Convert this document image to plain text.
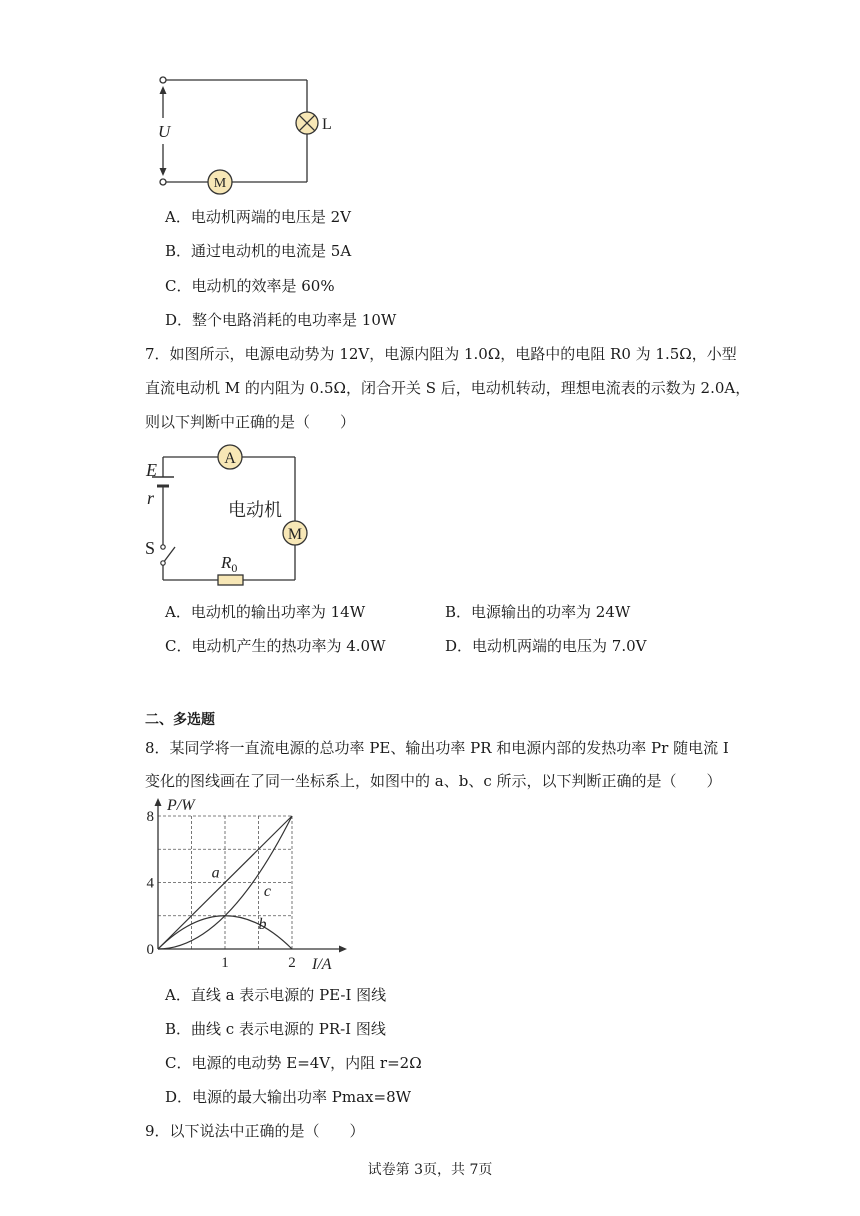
U	L
M
A．电动机两端的电压是 2V
B．通过电动机的电流是 5A
C．电动机的效率是 60%
D．整个电路消耗的电功率是 10W
7．如图所示，电源电动势为 12V，电源内阻为 1.0Ω，电路中的电阻 R0 为 1.5Ω，小型
直流电动机 M 的内阻为 0.5Ω，闭合开关 S 后，电动机转动，理想电流表的示数为 2.0A，
则以下判断中正确的是（　　）
E
r
S
A
电动机
M
$R_0$
A．电动机的输出功率为 14W	B．电源输出的功率为 24W
C．电动机产生的热功率为 4.0W	D．电动机两端的电压为 7.0V
二、多选题
8．某同学将一直流电源的总功率 PE、输出功率 PR 和电源内部的发热功率 Pr 随电流 I
变化的图线画在了同一坐标系上，如图中的 a、b、c 所示，以下判断正确的是（　　）
P/W
I/A
0
4
8
1	2
a
b
c
A．直线 a 表示电源的 PE-I 图线
B．曲线 c 表示电源的 PR-I 图线
C．电源的电动势 E=4V，内阻 r=2Ω
D．电源的最大输出功率 Pmax=8W
9．以下说法中正确的是（　　）
试卷第 3页，共 7页
